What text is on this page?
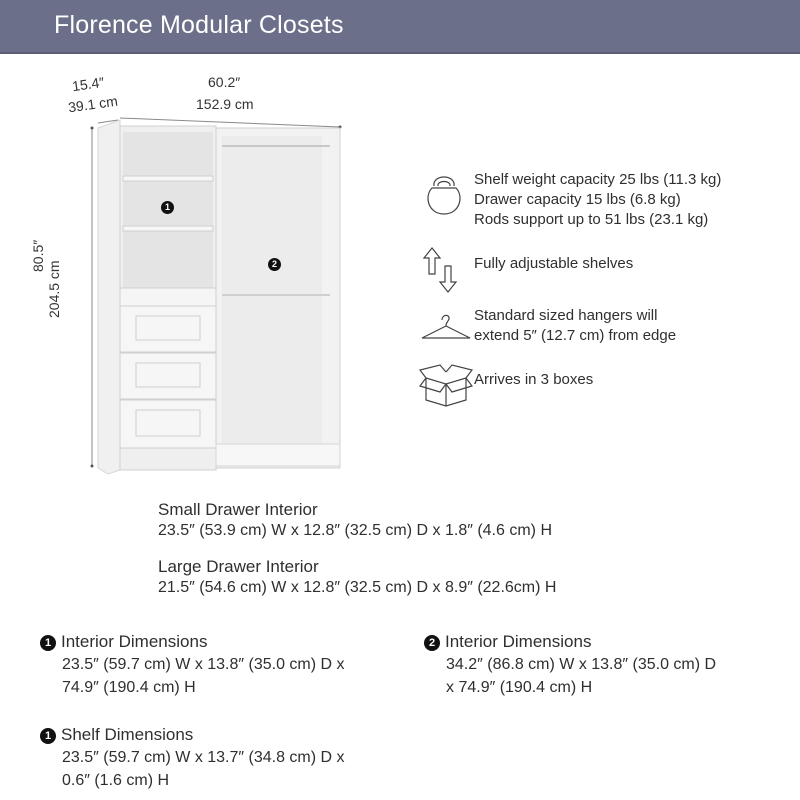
Florence Modular Closets
15.4″
39.1 cm
60.2″
152.9 cm
80.5″
204.5 cm
1
2
Shelf weight capacity 25 lbs (11.3 kg)
Drawer capacity 15 lbs (6.8 kg)
Rods support up to 51 lbs (23.1 kg)
Fully adjustable shelves
Standard sized hangers will
extend 5″ (12.7 cm) from edge
Arrives in 3 boxes
Small Drawer Interior
23.5″ (53.9 cm) W x 12.8″ (32.5 cm) D x 1.8″ (4.6 cm) H
Large Drawer Interior
21.5″ (54.6 cm) W x 12.8″ (32.5 cm) D x 8.9″ (22.6cm) H
1 Interior Dimensions
23.5″ (59.7 cm) W x 13.8″ (35.0 cm) D x
74.9″ (190.4 cm) H
2 Interior Dimensions
34.2″ (86.8 cm) W x 13.8″ (35.0 cm) D
x 74.9″ (190.4 cm) H
1 Shelf Dimensions
23.5″ (59.7 cm) W x 13.7″ (34.8 cm) D x
0.6″ (1.6 cm) H
